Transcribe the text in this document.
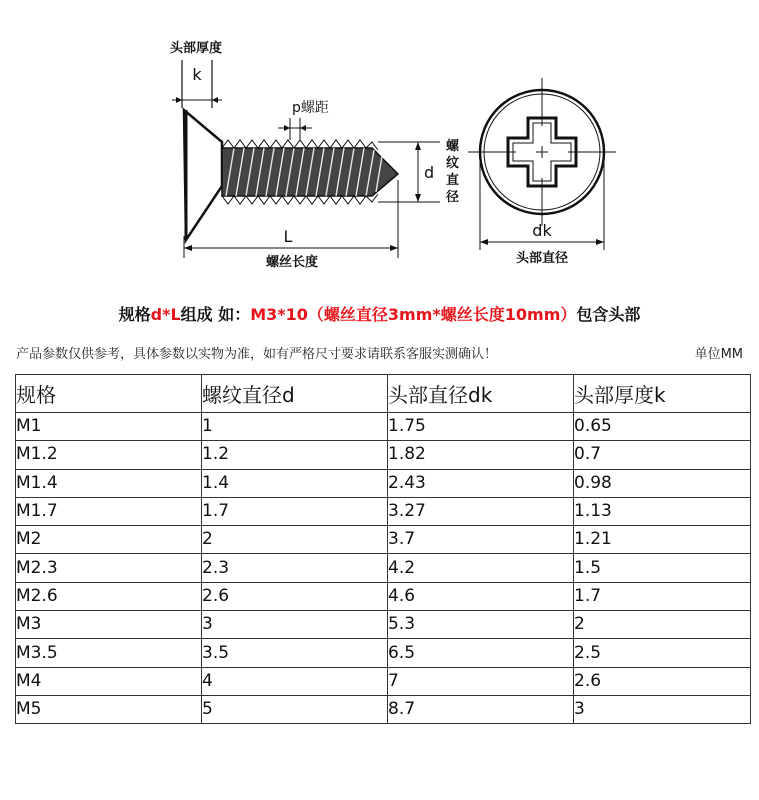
头部厚度
k
p螺距
d
螺
纹
直
径
L
螺丝长度
dk
头部直径
规格d*L组成 如：M3*10（螺丝直径3mm*螺丝长度10mm）包含头部
产品参数仅供参考，具体参数以实物为准，如有严格尺寸要求请联系客服实测确认！	单位MM
规格	螺纹直径d	头部直径dk	头部厚度k
M1	1	1.75	0.65
M1.2	1.2	1.82	0.7
M1.4	1.4	2.43	0.98
M1.7	1.7	3.27	1.13
M2	2	3.7	1.21
M2.3	2.3	4.2	1.5
M2.6	2.6	4.6	1.7
M3	3	5.3	2
M3.5	3.5	6.5	2.5
M4	4	7	2.6
M5	5	8.7	3
